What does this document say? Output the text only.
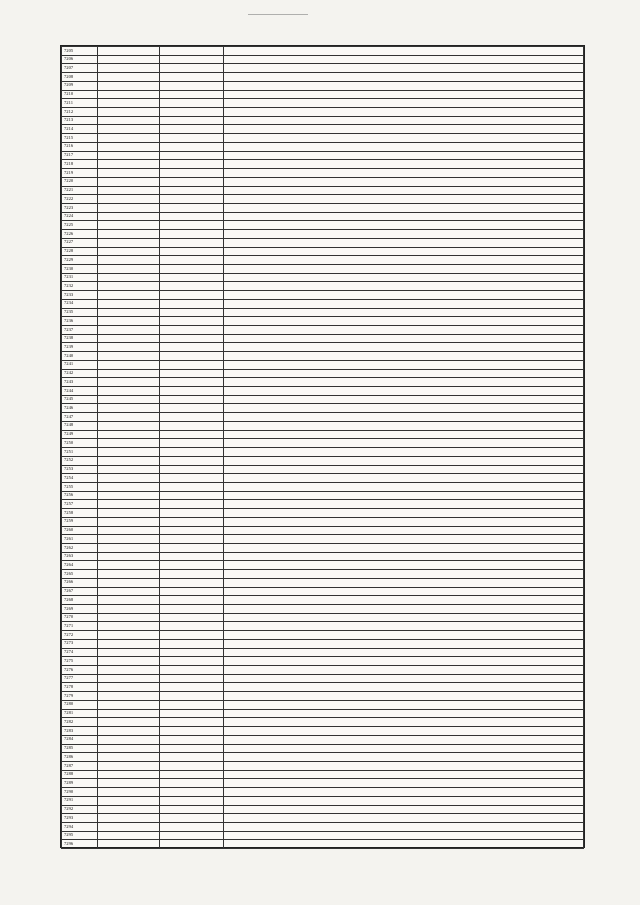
7205			
7206			
7207			
7208			
7209			
7210			
7211			
7212			
7213			
7214			
7215			
7216			
7217			
7218			
7219			
7220			
7221			
7222			
7223			
7224			
7225			
7226			
7227			
7228			
7229			
7230			
7231			
7232			
7233			
7234			
7235			
7236			
7237			
7238			
7239			
7240			
7241			
7242			
7243			
7244			
7245			
7246			
7247			
7248			
7249			
7250			
7251			
7252			
7253			
7254			
7255			
7256			
7257			
7258			
7259			
7260			
7261			
7262			
7263			
7264			
7265			
7266			
7267			
7268			
7269			
7270			
7271			
7272			
7273			
7274			
7275			
7276			
7277			
7278			
7279			
7280			
7281			
7282			
7283			
7284			
7285			
7286			
7287			
7288			
7289			
7290			
7291			
7292			
7293			
7294			
7295			
7296			
